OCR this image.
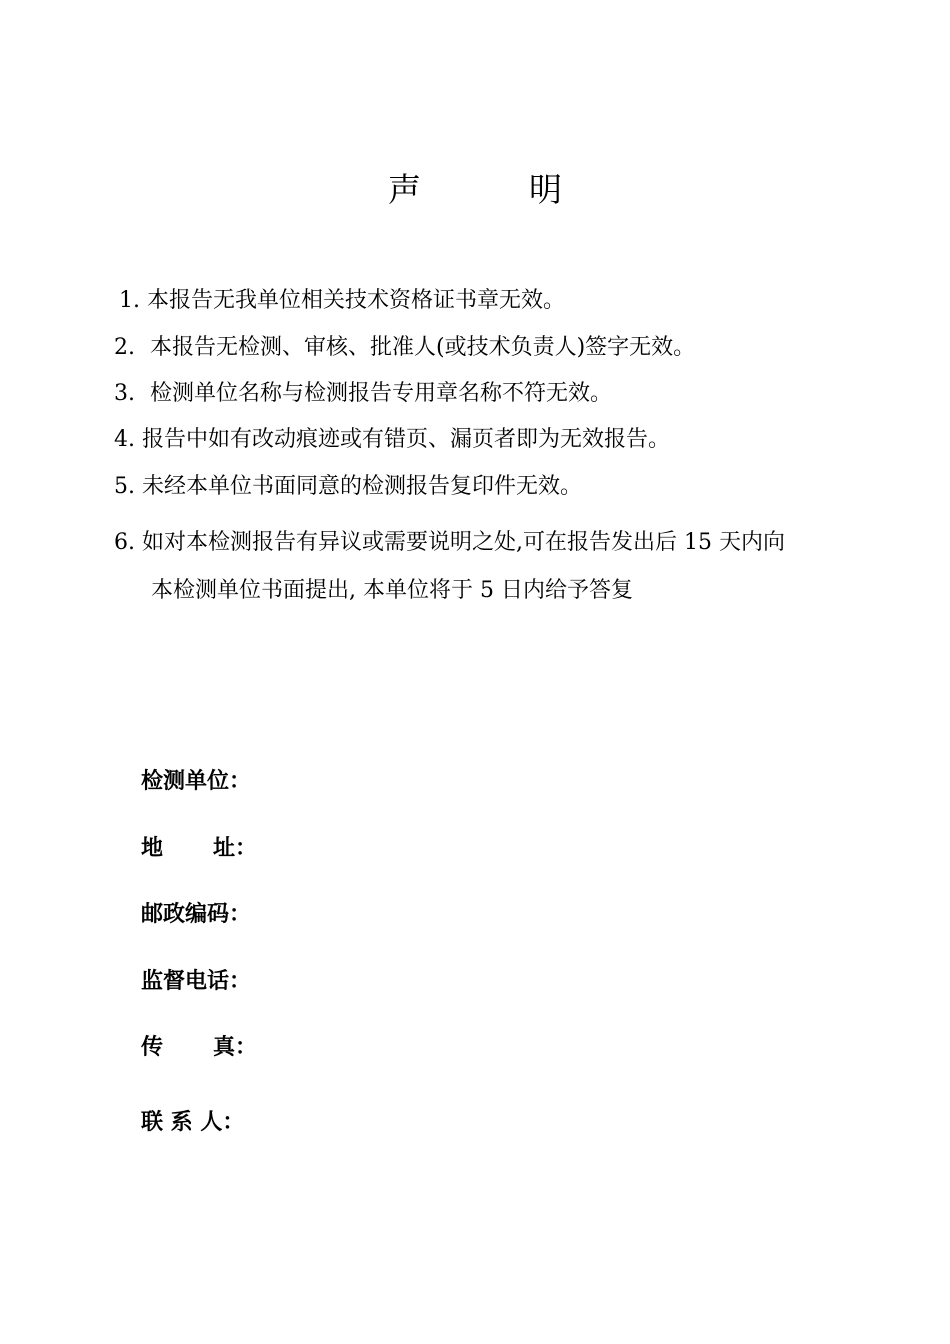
声	明
1. 本报告无我单位相关技术资格证书章无效。
2. 本报告无检测、审核、批准人(或技术负责人)签字无效。
3. 检测单位名称与检测报告专用章名称不符无效。
4. 报告中如有改动痕迹或有错页、漏页者即为无效报告。
5. 未经本单位书面同意的检测报告复印件无效。
6. 如对本检测报告有异议或需要说明之处,可在报告发出后 15 天内向
本检测单位书面提出, 本单位将于 5 日内给予答复
检测单位：
地 址：
邮政编码：
监督电话：
传 真：
联 系 人：
